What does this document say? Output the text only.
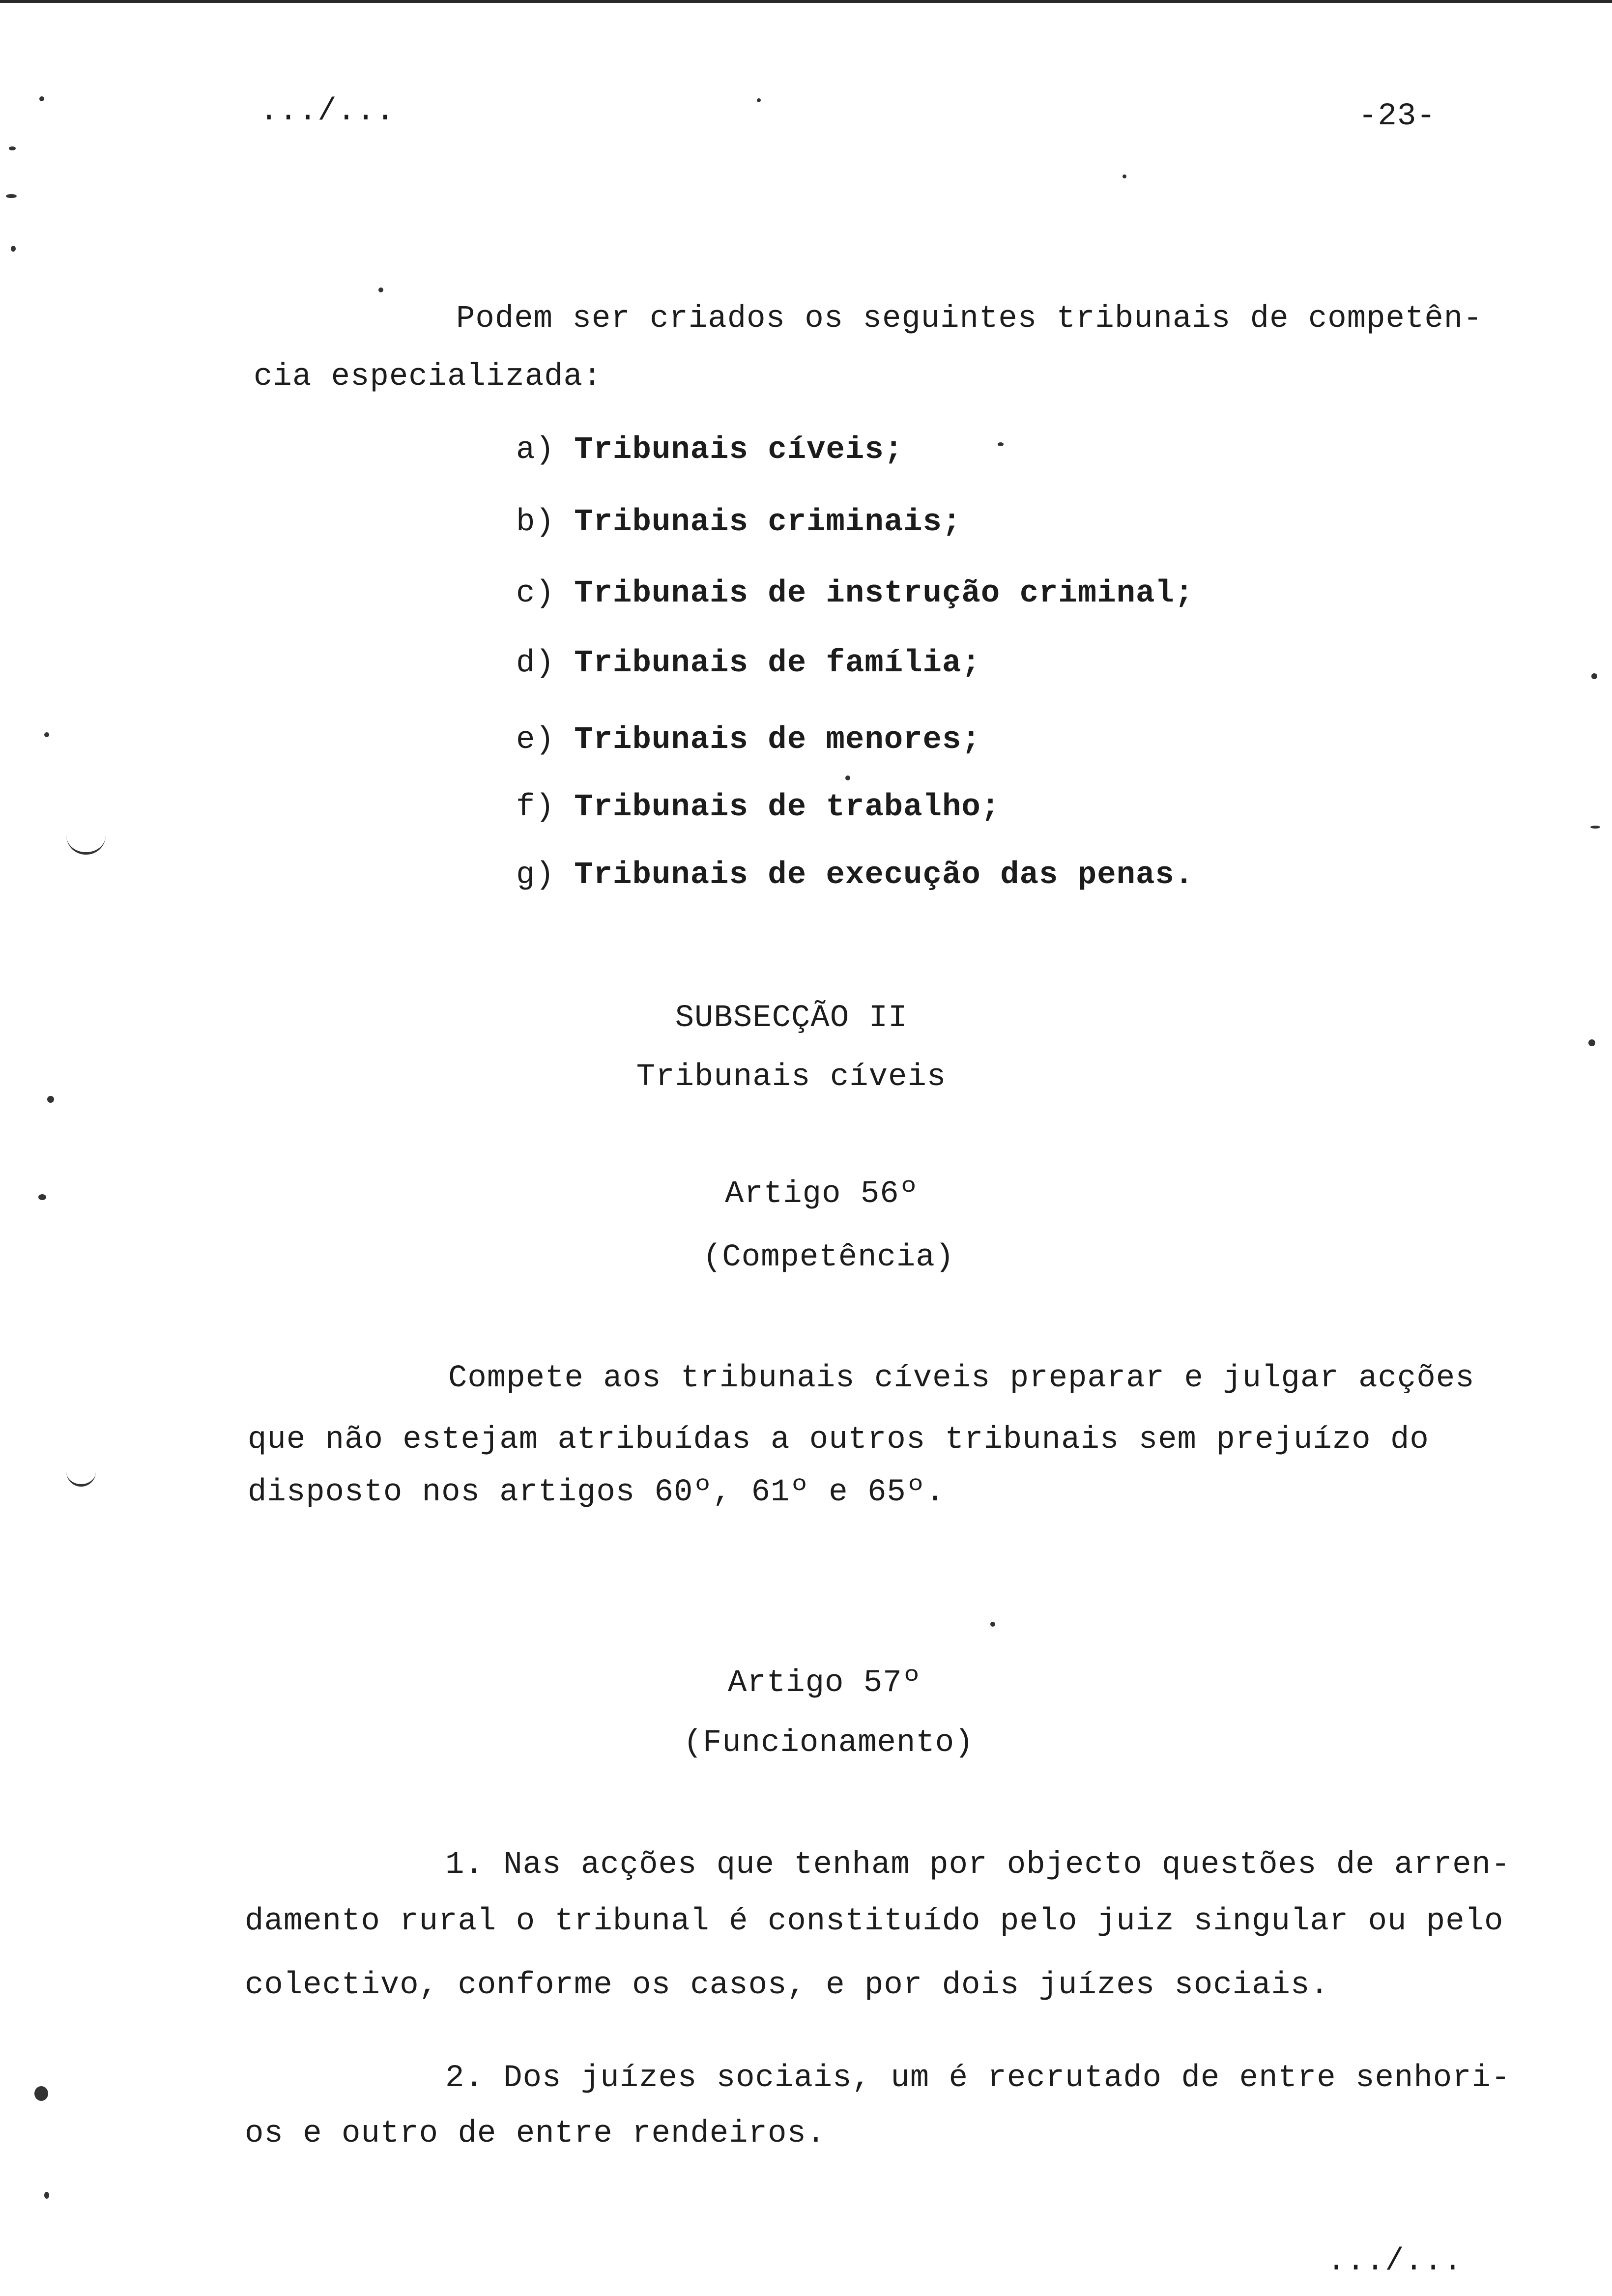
.../...	-23-
Podem ser criados os seguintes tribunais de competên-
cia especializada:
a) Tribunais cíveis;
b) Tribunais criminais;
c) Tribunais de instrução criminal;
d) Tribunais de família;
e) Tribunais de menores;
f) Tribunais de trabalho;
g) Tribunais de execução das penas.
SUBSECÇÃO II
Tribunais cíveis
Artigo 56º
(Competência)
Compete aos tribunais cíveis preparar e julgar acções
que não estejam atribuídas a outros tribunais sem prejuízo do
disposto nos artigos 60º, 61º e 65º.
Artigo 57º
(Funcionamento)
1. Nas acções que tenham por objecto questões de arren-
damento rural o tribunal é constituído pelo juiz singular ou pelo
colectivo, conforme os casos, e por dois juízes sociais.
2. Dos juízes sociais, um é recrutado de entre senhori-
os e outro de entre rendeiros.
.../...
